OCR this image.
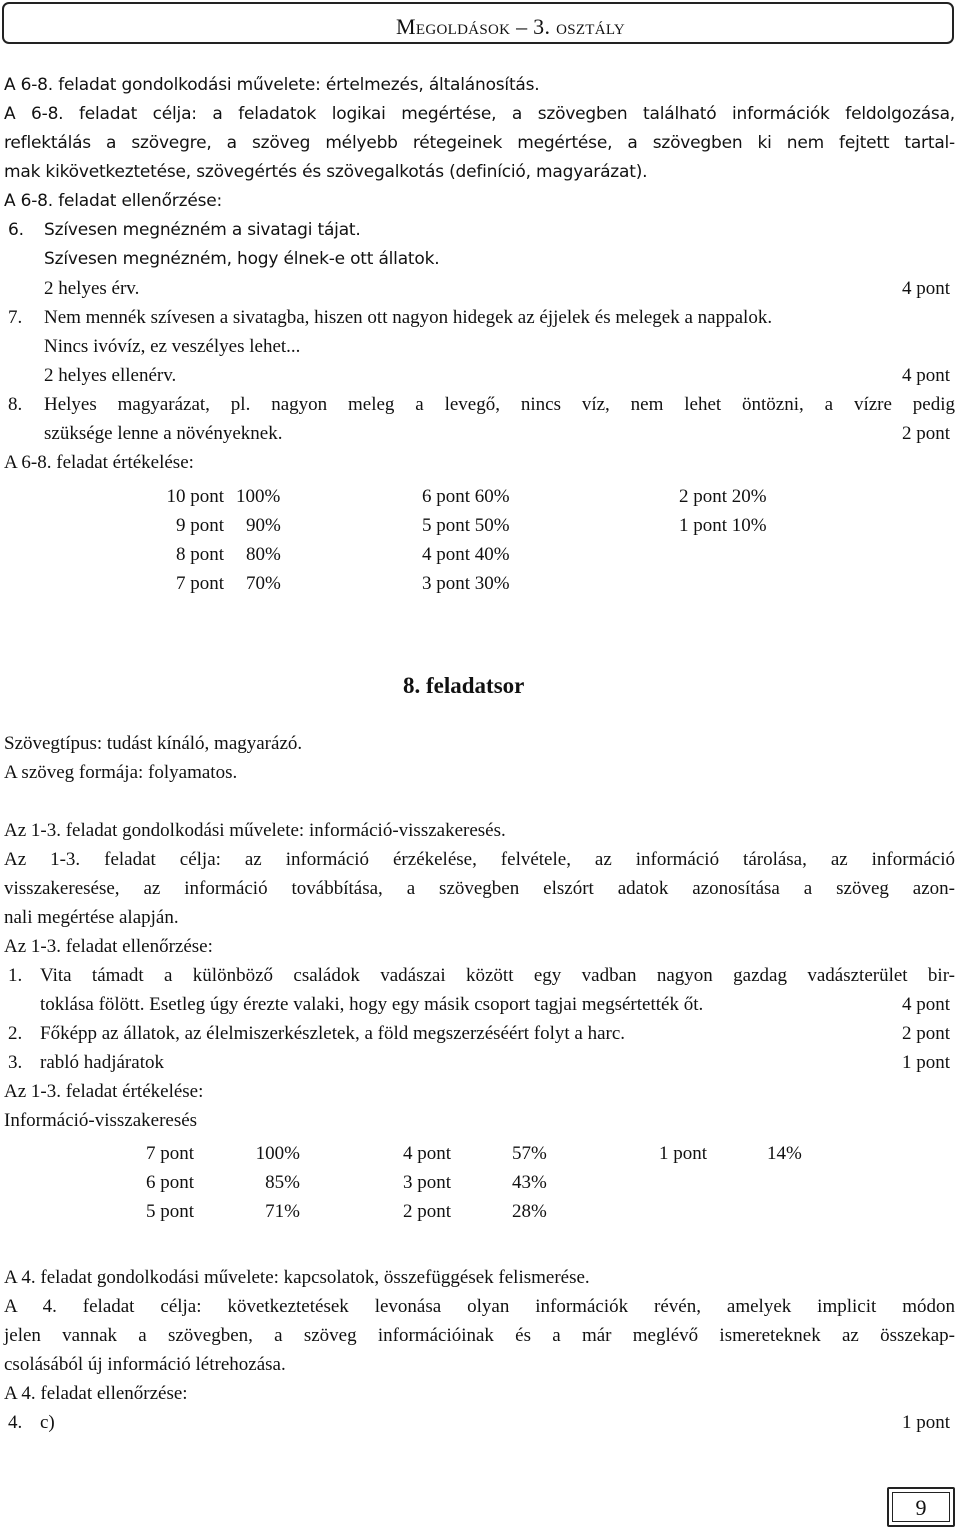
Megoldások – 3. osztály
A 6-8. feladat gondolkodási művelete: értelmezés, általánosítás.
A 6-8. feladat célja: a feladatok logikai megértése, a szövegben található információk feldolgozása,
reflektálás a szövegre, a szöveg mélyebb rétegeinek megértése, a szövegben ki nem fejtett tartal-
mak kikövetkeztetése, szövegértés és szövegalkotás (definíció, magyarázat).
A 6-8. feladat ellenőrzése:
6. Szívesen megnézném a sivatagi tájat.
Szívesen megnézném, hogy élnek-e ott állatok.
2 helyes érv.	4 pont
7. Nem mennék szívesen a sivatagba, hiszen ott nagyon hidegek az éjjelek és melegek a nappalok.
Nincs ivóvíz, ez veszélyes lehet...
2 helyes ellenérv.	4 pont
8. Helyes magyarázat, pl. nagyon meleg a levegő, nincs víz, nem lehet öntözni, a vízre pedig
szüksége lenne a növényeknek.	2 pont
A 6-8. feladat értékelése:
10 pont 100%	6 pont 60%	2 pont 20%
9 pont 90%	5 pont 50%	1 pont 10%
8 pont 80%	4 pont 40%
7 pont 70%	3 pont 30%
8. feladatsor
Szövegtípus: tudást kínáló, magyarázó.
A szöveg formája: folyamatos.
Az 1-3. feladat gondolkodási művelete: információ-visszakeresés.
Az 1-3. feladat célja: az információ érzékelése, felvétele, az információ tárolása, az információ
visszakeresése, az információ továbbítása, a szövegben elszórt adatok azonosítása a szöveg azon-
nali megértése alapján.
Az 1-3. feladat ellenőrzése:
1. Vita támadt a különböző családok vadászai között egy vadban nagyon gazdag vadászterület bir-
toklása fölött. Esetleg úgy érezte valaki, hogy egy másik csoport tagjai megsértették őt.	4 pont
2. Főképp az állatok, az élelmiszerkészletek, a föld megszerzéséért folyt a harc.	2 pont
3. rabló hadjáratok	1 pont
Az 1-3. feladat értékelése:
Információ-visszakeresés
7 pont	100%	4 pont	57%	1 pont	14%
6 pont	85%	3 pont	43%
5 pont	71%	2 pont	28%
A 4. feladat gondolkodási művelete: kapcsolatok, összefüggések felismerése.
A 4. feladat célja: következtetések levonása olyan információk révén, amelyek implicit módon
jelen vannak a szövegben, a szöveg információinak és a már meglévő ismereteknek az összekap-
csolásából új információ létrehozása.
A 4. feladat ellenőrzése:
4. c)	1 pont
9
